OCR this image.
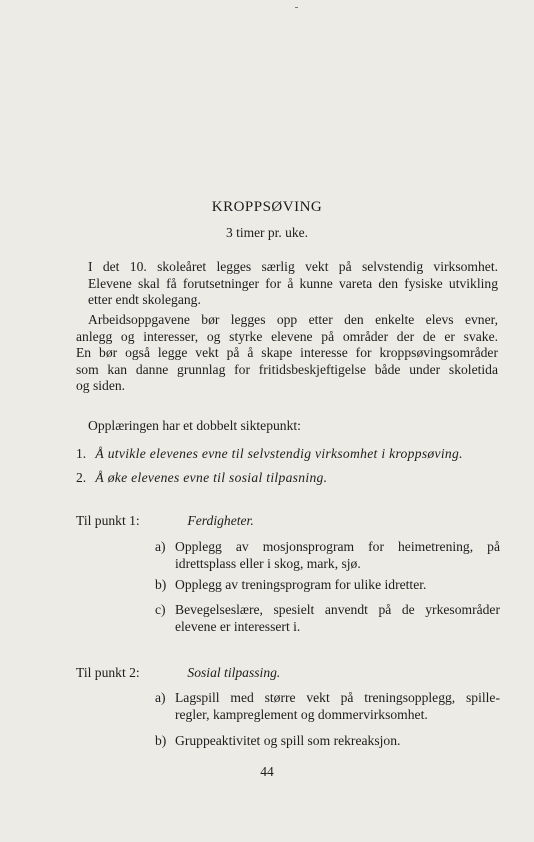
KROPPSØVING
3 timer pr. uke.
I det 10. skoleåret legges særlig vekt på selvstendig virksomhet.
Elevene skal få forutsetninger for å kunne vareta den fysiske utvikling
etter endt skolegang.
Arbeidsoppgavene bør legges opp etter den enkelte elevs evner,
anlegg og interesser, og styrke elevene på områder der de er svake.
En bør også legge vekt på å skape interesse for kroppsøvingsområder
som kan danne grunnlag for fritidsbeskjeftigelse både under skoletida
og siden.
Opplæringen har et dobbelt siktepunkt:
1. Å utvikle elevenes evne til selvstendig virksomhet i kroppsøving.
2. Å øke elevenes evne til sosial tilpasning.
Til punkt 1:	Ferdigheter.
a) Opplegg av mosjonsprogram for heimetrening, på
idrettsplass eller i skog, mark, sjø.
b) Opplegg av treningsprogram for ulike idretter.
c) Bevegelseslære, spesielt anvendt på de yrkesområder
elevene er interessert i.
Til punkt 2:	Sosial tilpassing.
a) Lagspill med større vekt på treningsopplegg, spille-
regler, kampreglement og dommervirksomhet.
b) Gruppeaktivitet og spill som rekreaksjon.
44
